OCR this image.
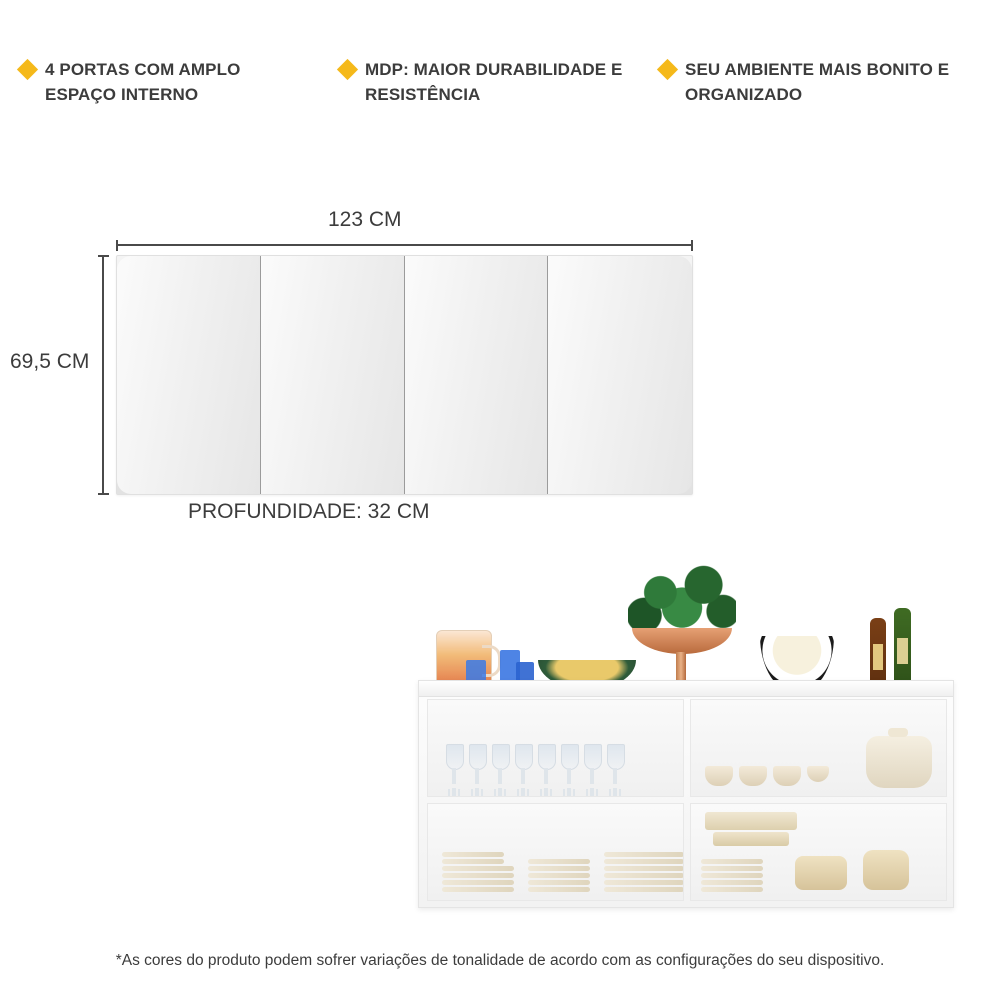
4 PORTAS COM AMPLO ESPAÇO INTERNO
MDP: MAIOR DURABILIDADE E RESISTÊNCIA
SEU AMBIENTE MAIS BONITO E ORGANIZADO
123 CM
69,5 CM
PROFUNDIDADE: 32 CM
*As cores do produto podem sofrer variações de tonalidade de acordo com as configurações do seu dispositivo.
